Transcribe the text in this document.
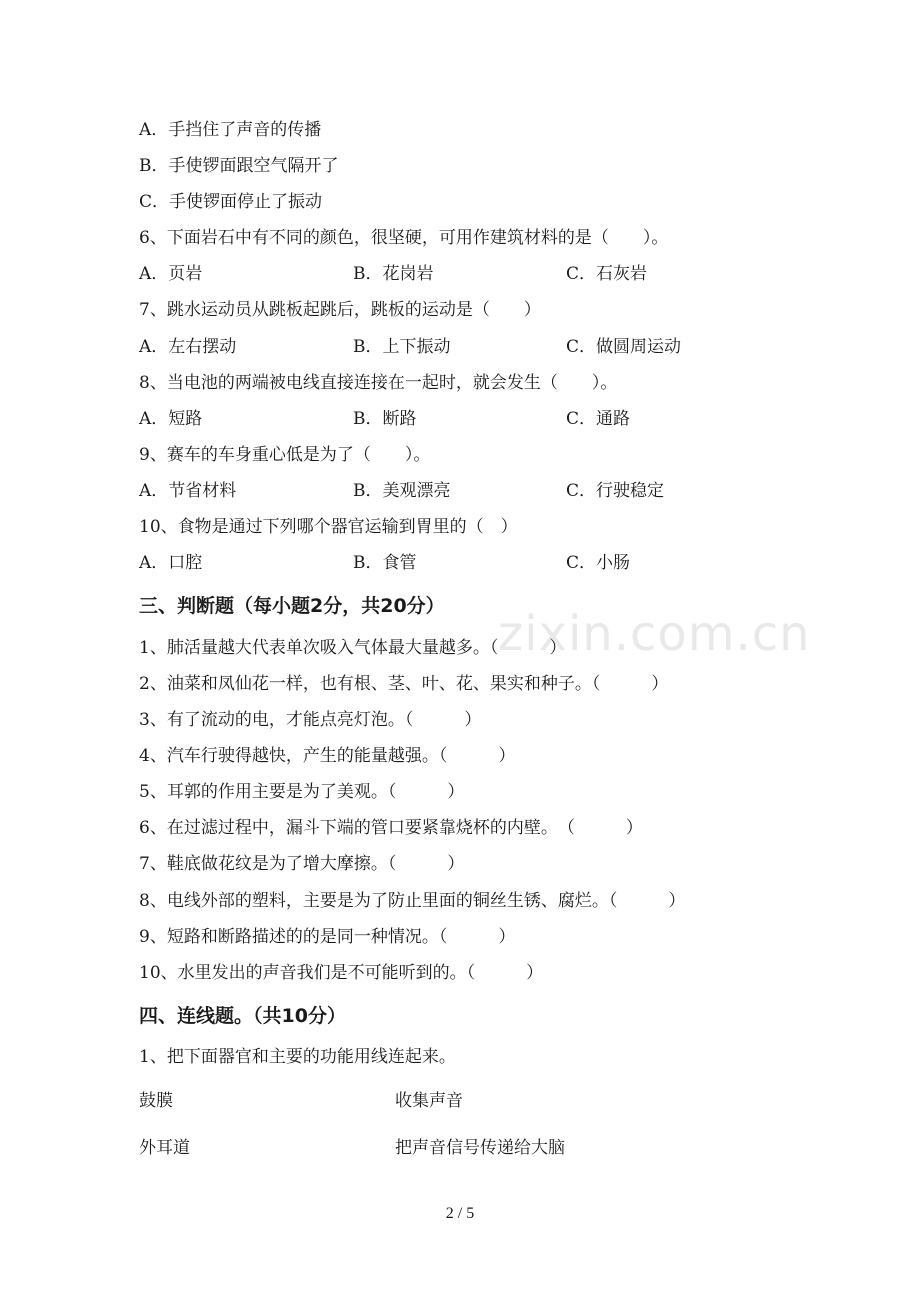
A．手挡住了声音的传播
B．手使锣面跟空气隔开了
C．手使锣面停止了振动
6、下面岩石中有不同的颜色，很坚硬，可用作建筑材料的是（　　）。
A．页岩	B．花岗岩	C．石灰岩
7、跳水运动员从跳板起跳后，跳板的运动是（　　）
A．左右摆动	B．上下振动	C．做圆周运动
8、当电池的两端被电线直接连接在一起时，就会发生（　　）。
A．短路	B．断路	C．通路
9、赛车的车身重心低是为了（　　）。
A．节省材料	B．美观漂亮	C．行驶稳定
10、食物是通过下列哪个器官运输到胃里的（　）
A．口腔	B．食管	C．小肠
zixin.com.cn
三、判断题（每小题2分，共20分）
1、肺活量越大代表单次吸入气体最大量越多。（　　　）
2、油菜和凤仙花一样，也有根、茎、叶、花、果实和种子。（　　　）
3、有了流动的电，才能点亮灯泡。（　　　）
4、汽车行驶得越快，产生的能量越强。（　　　）
5、耳郭的作用主要是为了美观。（　　　）
6、在过滤过程中，漏斗下端的管口要紧靠烧杯的内壁。　（　　　）
7、鞋底做花纹是为了增大摩擦。（　　　）
8、电线外部的塑料，主要是为了防止里面的铜丝生锈、腐烂。（　　　）
9、短路和断路描述的的是同一种情况。（　　　）
10、水里发出的声音我们是不可能听到的。（　　　）
四、连线题。（共10分）
1、把下面器官和主要的功能用线连起来。
鼓膜	收集声音
外耳道	把声音信号传递给大脑
2 / 5
